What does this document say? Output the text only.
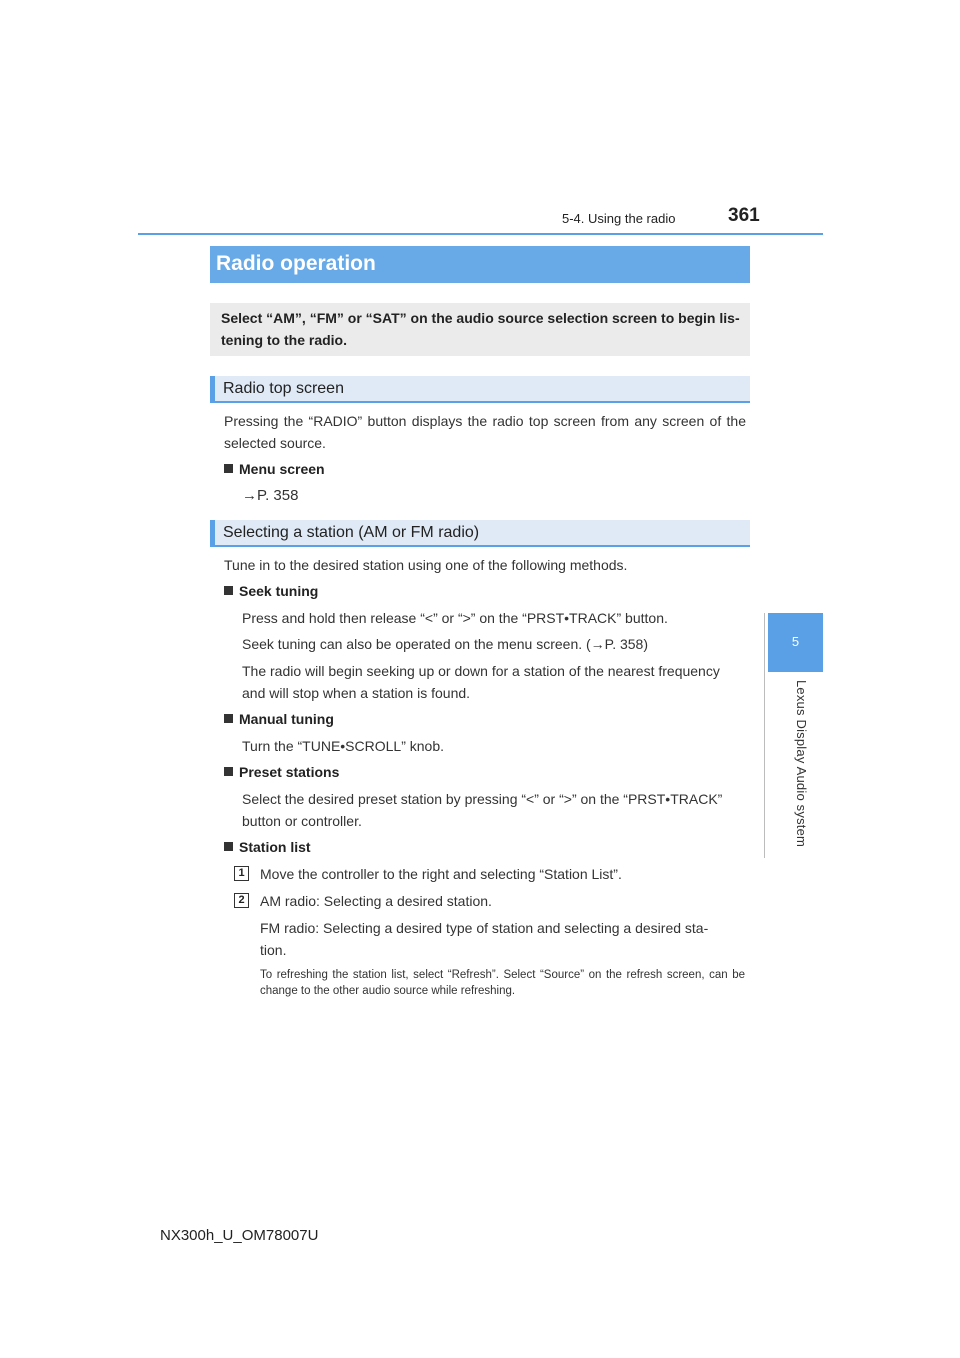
5-4. Using the radio	361
5
Lexus Display Audio system
Radio operation
Select “AM”, “FM” or “SAT” on the audio source selection screen to begin lis-tening to the radio.
Radio top screen
Pressing the “RADIO” button displays the radio top screen from any screen of the selected source.
Menu screen
→P. 358
Selecting a station (AM or FM radio)
Tune in to the desired station using one of the following methods.
Seek tuning
Press and hold then release “<” or “>” on the “PRST•TRACK” button.
Seek tuning can also be operated on the menu screen. (→P. 358)
The radio will begin seeking up or down for a station of the nearest frequency
and will stop when a station is found.
Manual tuning
Turn the “TUNE•SCROLL” knob.
Preset stations
Select the desired preset station by pressing “<” or “>” on the “PRST•TRACK”
button or controller.
Station list
1	Move the controller to the right and selecting “Station List”.
2	AM radio: Selecting a desired station.
FM radio: Selecting a desired type of station and selecting a desired sta-
tion.
To refreshing the station list, select “Refresh”. Select “Source” on the refresh screen, can be change to the other audio source while refreshing.
NX300h_U_OM78007U
